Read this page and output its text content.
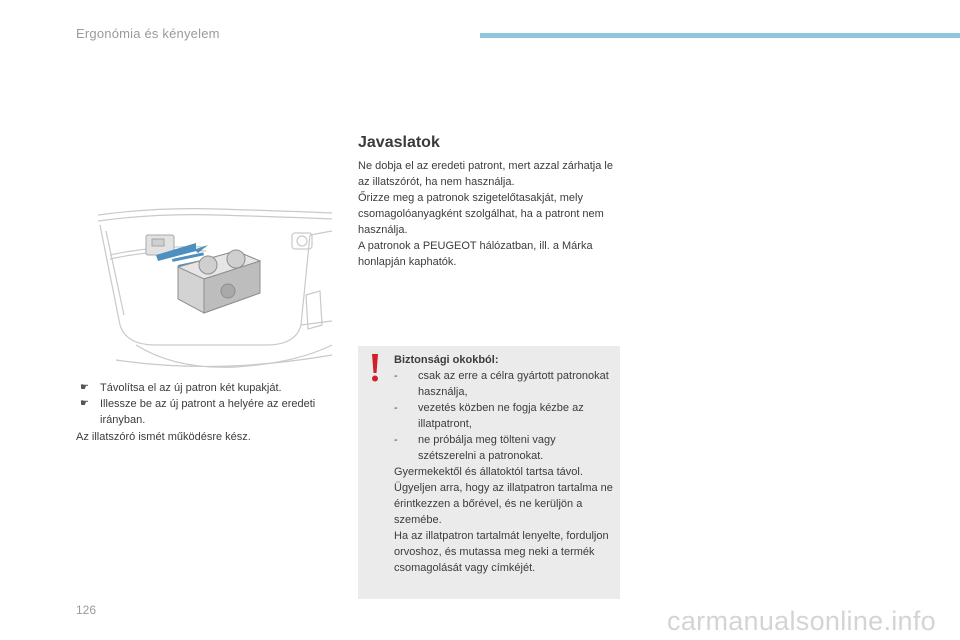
Ergonómia és kényelem
☛ Távolítsa el az új patron két kupakját.
☛ Illessze be az új patront a helyére az eredeti irányban.
Az illatszóró ismét működésre kész.
Javaslatok

Ne dobja el az eredeti patront, mert azzal zárhatja le az illatszórót, ha nem használja.

Őrizze meg a patronok szigetelőtasakját, mely csomagolóanyagként szolgálhat, ha a patront nem használja.

A patronok a PEUGEOT hálózatban, ill. a Márka honlapján kaphatók.

Biztonsági okokból:
- csak az erre a célra gyártott patronokat használja,
- vezetés közben ne fogja kézbe az illatpatront,
- ne próbálja meg tölteni vagy szétszerelni a patronokat.

Gyermekektől és állatoktól tartsa távol.

Ügyeljen arra, hogy az illatpatron tartalma ne érintkezzen a bőrével, és ne kerüljön a szemébe.

Ha az illatpatron tartalmát lenyelte, forduljon orvoshoz, és mutassa meg neki a termék csomagolását vagy címkéjét.

126	carmanualsonline.info
